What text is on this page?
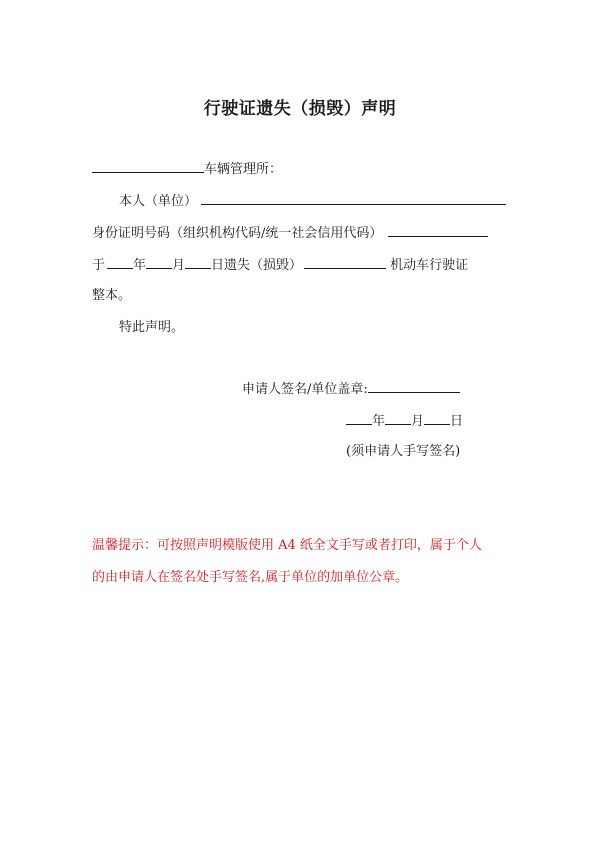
行驶证遗失（损毁）声明
车辆管理所：
本人（单位）
身份证明号码（组织机构代码/统一社会信用代码）
于 年 月 日遗失（损毁）	机动车行驶证
整本。
特此声明。
申请人签名/单位盖章:
年 月 日
(须申请人手写签名)
温馨提示：可按照声明模版使用 A4 纸全文手写或者打印，属于个人
的由申请人在签名处手写签名,属于单位的加单位公章。
